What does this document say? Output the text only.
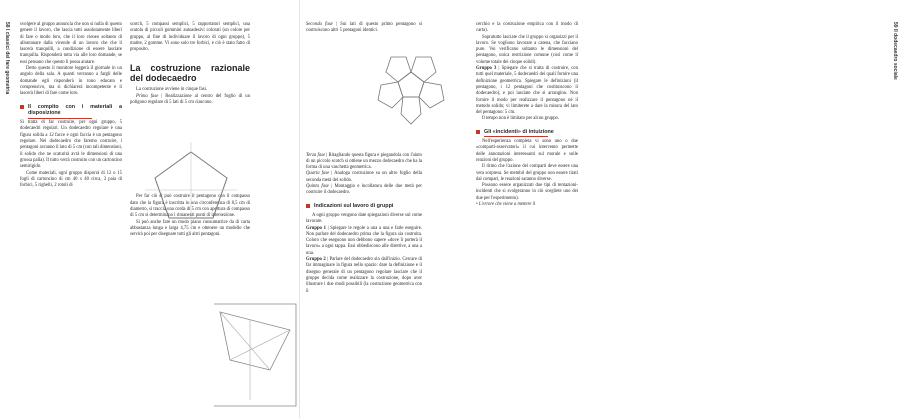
58 I classici del fare geometria svolgere al gruppo annuncia che non si nulla di questo genere il lavoro, che lascia tutti assolutamente liberi di fare o modo loro, che il loro vieneo soltanto di allontanare dalla vicende di un lavoro che che li lascerà tranquilli, a condizione di essere lasciare tranquilla. Risponderà tutta via alle loro domande, se essi pensano che questo li possa aiutare.

Detto questo il monitore leggerà il giornale in un angolo della sala. A quanti verranno a fargli delle domande egli risponderà in tono educato e comprensivo, ma si dichiarerà incompetente e li lascerà liberi di fare come loro.

Il compito con i materiali a disposizione

Si tratta di far costruire, per ogni gruppo, 5 dodecaedri regolari. Un dodecaedro regolare è una figura solida a 12 facce e ogni faccia è un pentagono regolare. Nel dodecaedro che faremo costruire, i pentagoni avranno il lato di 5 cm (con tali dimensioni, il solido che ne scaturirà avrà le dimensioni di una grossa palla). Il tutto verrà costruito con un cartoncino semirigido.

Come materiali, ogni gruppo disporrà di 12 o 15 fogli di cartoncino di cm 40 x 40 circa, 3 paia di forbici, 5 righelli, 2 rotoli di

scotch, 5 compassi semplici, 5 rapportatori semplici, una scatola di piccoli gommini autoadesivi colorati (un colore per gruppo, al fine di individuare il lavoro di ogni gruppo), 5 matite, 2 gomme. Vi sono solo tre forbici, e ciò è stato fatto di proposito.

La costruzione razionale del dodecaedro

La costruzione avviene in cinque fasi.

Prima fase | Realizzazione al centro del foglio di un poligono regolare di 5 lati di 5 cm ciascuno.

Per far ciò si può costruire il pentagono con il compasso dato che la figura è inscritta in una circonferenza di 8,5 cm di diametro, si traccia una corda di 5 cm con apertura di compasso di 5 cm si determinano i rimanenti punti di intersezione.

Si può anche fare un modo piano consumatrice da di carta abbastanza lunga e larga 4,75 cm e ottenere un modello che servirà poi per disegnare tutti gli altri pentagoni.

59 Il dodecaedro sociale

Seconda fase | Sui lati di questo primo pentagono si costruiscono altri 5 pentagoni identici.

Terza fase | Ritagliando questa figura e piegandola con l'aiuto di un piccolo scotch si ottiene un mezzo dodecaedro che ha la forma di una vaschetta geometrica.

Quarta fase | Analoga costruzione su un altro foglio della seconda metà del solido.

Quinta fase | Montaggio e incollatura delle due metà per costruire il dodecaedro.

Indicazioni sul lavoro di gruppi

A ogni gruppo vengono date spiegazioni diverse sul come lavorare.

Gruppo 1 | Spiegare le regole a una a una e farle eseguire. Non parlare del dodecaedro prima che la figura sia costruita. Coloro che eseguono non debbono sapere «dove li porterà il lavoro» a ogni tappa. Essi obbediscono alle direttive, a una a una.

Gruppo 2 | Parlare del dodecaedro sin dall'inizio. Cercare di far immaginare la figura nello spazio: dare la definizione e il disegno generale di un pentagono regolare lasciare che il gruppo decida come realizzare la costruzione, dopo aver illustrare i due modi possibili (la costruzione geometrica con il

cerchio e la costruzione empirica con il modo di carta).

Sopratutto lasciate che il gruppo si organizzi per il lavoro. Se vogliono lavorare a catena, che facciano pure. Voi verificano soltanto le dimensioni del pentagono, unica restrizione comune (così come il volume totale dei cinque solidi).

Gruppo 3 | Spiegare che si tratta di costruire, con tutti quel materiale, 5 dodecaedri dei quali fornire una definizione geometrica. Spiegare le definizioni (il pentagono, i 12 pentagoni che costituiscono il dodecaedro), e poi lasciate che si arrangino. Non fornire il modo per realizzare il pentagono né il metodo solido; vi limiterete a dare la misura del lato del pentagono: 5 cm.

Il tempo non è limitato per alcun gruppo.

Gli «incidenti» di intuizione

Nell'esperienza completa vi sono uno o due «comparti-osservatori» il cui intervento permette delle annotazioni interessanti sul morale e sulle reazioni del gruppo.

Il ritmo che l'azione del comparti deve essere una vera sorpresa. Se membri del gruppo non essere tirati dal compari, le reazioni saranno diverse.

Possono essere organizzati due tipi di tentazioni-incidenti che si svolgeranno in ciò scegliete uno dei due per l'esperimento).

• L'errore che viene a mettere il
